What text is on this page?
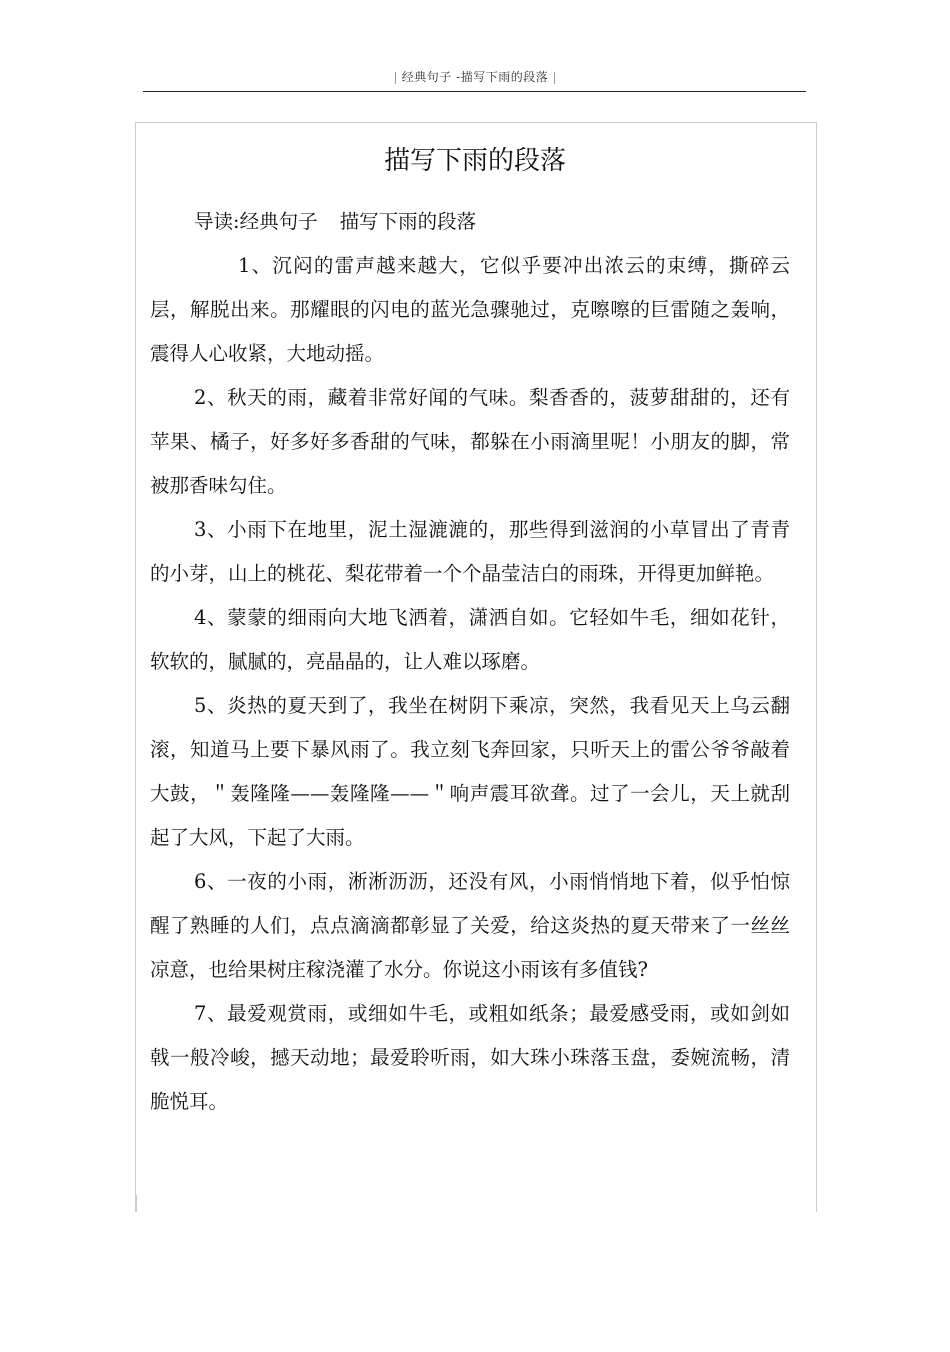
经典句子 -描写下雨的段落
描写下雨的段落

导读:经典句子 描写下雨的段落

1、沉闷的雷声越来越大，它似乎要冲出浓云的束缚，撕碎云层，解脱出来。那耀眼的闪电的蓝光急骤驰过，克嚓嚓的巨雷随之轰响，震得人心收紧，大地动摇。

2、秋天的雨，藏着非常好闻的气味。梨香香的，菠萝甜甜的，还有苹果、橘子，好多好多香甜的气味，都躲在小雨滴里呢！小朋友的脚，常被那香味勾住。

3、小雨下在地里，泥土湿漉漉的，那些得到滋润的小草冒出了青青的小芽，山上的桃花、梨花带着一个个晶莹洁白的雨珠，开得更加鲜艳。

4、蒙蒙的细雨向大地飞洒着，潇洒自如。它轻如牛毛，细如花针，软软的，腻腻的，亮晶晶的，让人难以琢磨。

5、炎热的夏天到了，我坐在树阴下乘凉，突然，我看见天上乌云翻滚，知道马上要下暴风雨了。我立刻飞奔回家，只听天上的雷公爷爷敲着大鼓，＂轰隆隆——轰隆隆——＂响声震耳欲聋。过了一会儿，天上就刮起了大风，下起了大雨。

6、一夜的小雨，淅淅沥沥，还没有风，小雨悄悄地下着，似乎怕惊醒了熟睡的人们，点点滴滴都彰显了关爱，给这炎热的夏天带来了一丝丝凉意，也给果树庄稼浇灌了水分。你说这小雨该有多值钱?

7、最爱观赏雨，或细如牛毛，或粗如纸条；最爱感受雨，或如剑如戟一般冷峻，撼天动地；最爱聆听雨，如大珠小珠落玉盘，委婉流畅，清脆悦耳。
